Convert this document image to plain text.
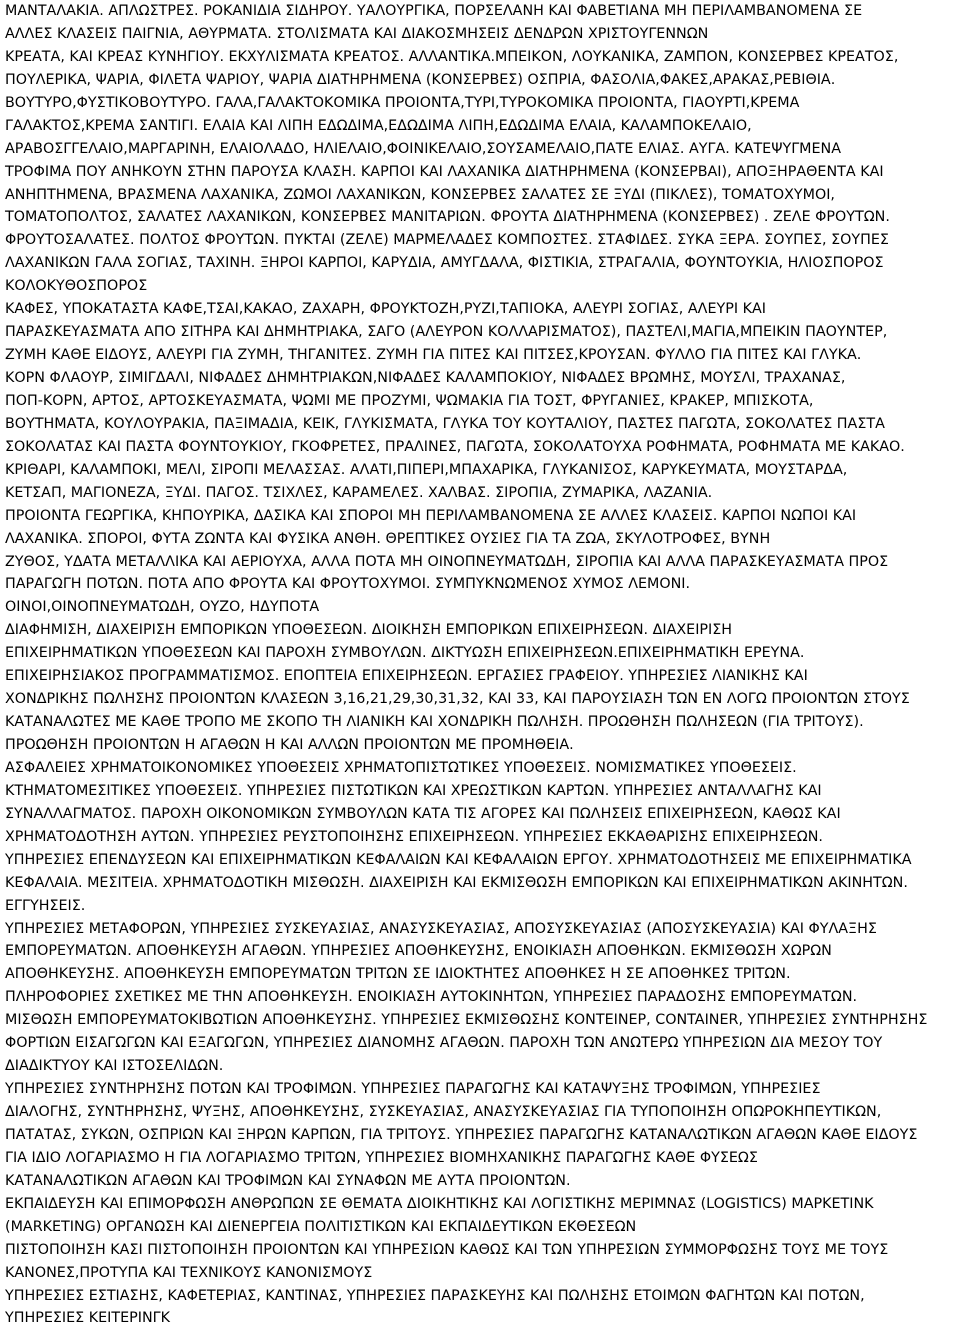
ΜΑΝΤΑΛΑΚΙΑ. ΑΠΛΩΣΤΡΕΣ. ΡΟΚΑΝΙΔΙΑ ΣΙΔΗΡΟΥ. ΥΑΛΟΥΡΓΙΚΑ, ΠΟΡΣΕΛΑΝΗ ΚΑΙ ΦΑΒΕΤΙΑΝΑ ΜΗ ΠΕΡΙΛΑΜΒΑΝΟΜΕΝΑ ΣΕ
ΑΛΛΕΣ ΚΛΑΣΕΙΣ ΠΑΙΓΝΙΑ, ΑΘΥΡΜΑΤΑ. ΣΤΟΛΙΣΜΑΤΑ ΚΑΙ ΔΙΑΚΟΣΜΗΣΕΙΣ ΔΕΝΔΡΩΝ ΧΡΙΣΤΟΥΓΕΝΝΩΝ
ΚΡΕΑΤΑ, ΚΑΙ ΚΡΕΑΣ ΚΥΝΗΓΙΟΥ. ΕΚΧΥΛΙΣΜΑΤΑ ΚΡΕΑΤΟΣ. ΑΛΛΑΝΤΙΚΑ.ΜΠΕΙΚΟΝ, ΛΟΥΚΑΝΙΚΑ, ΖΑΜΠΟΝ, ΚΟΝΣΕΡΒΕΣ ΚΡΕΑΤΟΣ,
ΠΟΥΛΕΡΙΚΑ, ΨΑΡΙΑ, ΦΙΛΕΤΑ ΨΑΡΙΟΥ, ΨΑΡΙΑ ΔΙΑΤΗΡΗΜΕΝΑ (ΚΟΝΣΕΡΒΕΣ) ΟΣΠΡΙΑ, ΦΑΣΟΛΙΑ,ΦΑΚΕΣ,ΑΡΑΚΑΣ,ΡΕΒΙΘΙΑ.
ΒΟΥΤΥΡΟ,ΦΥΣΤΙΚΟΒΟΥΤΥΡΟ. ΓΑΛΑ,ΓΑΛΑΚΤΟΚΟΜΙΚΑ ΠΡΟΙΟΝΤΑ,ΤΥΡΙ,ΤΥΡΟΚΟΜΙΚΑ ΠΡΟΙΟΝΤΑ, ΓΙΑΟΥΡΤΙ,ΚΡΕΜΑ
ΓΑΛΑΚΤΟΣ,ΚΡΕΜΑ ΣΑΝΤΙΓΙ. ΕΛΑΙΑ ΚΑΙ ΛΙΠΗ ΕΔΩΔΙΜΑ,ΕΔΩΔΙΜΑ ΛΙΠΗ,ΕΔΩΔΙΜΑ ΕΛΑΙΑ, ΚΑΛΑΜΠΟΚΕΛΑΙΟ,
ΑΡΑΒΟΣΓΓΕΛΑΙΟ,ΜΑΡΓΑΡΙΝΗ, ΕΛΑΙΟΛΑΔΟ, ΗΛΙΕΛΑΙΟ,ΦΟΙΝΙΚΕΛΑΙΟ,ΣΟΥΣΑΜΕΛΑΙΟ,ΠΑΤΕ ΕΛΙΑΣ. ΑΥΓΑ. ΚΑΤΕΨΥΓΜΕΝΑ
ΤΡΟΦΙΜΑ ΠΟΥ ΑΝΗΚΟΥΝ ΣΤΗΝ ΠΑΡΟΥΣΑ ΚΛΑΣΗ. ΚΑΡΠΟΙ ΚΑΙ ΛΑΧΑΝΙΚΑ ΔΙΑΤΗΡΗΜΕΝΑ (ΚΟΝΣΕΡΒΑΙ), ΑΠΟΞΗΡΑΘΕΝΤΑ ΚΑΙ
ΑΝΗΠΤΗΜΕΝΑ, ΒΡΑΣΜΕΝΑ ΛΑΧΑΝΙΚΑ, ΖΩΜΟΙ ΛΑΧΑΝΙΚΩΝ, ΚΟΝΣΕΡΒΕΣ ΣΑΛΑΤΕΣ ΣΕ ΞΥΔΙ (ΠΙΚΛΕΣ), ΤΟΜΑΤΟΧΥΜΟΙ,
ΤΟΜΑΤΟΠΟΛΤΟΣ, ΣΑΛΑΤΕΣ ΛΑΧΑΝΙΚΩΝ, ΚΟΝΣΕΡΒΕΣ ΜΑΝΙΤΑΡΙΩΝ. ΦΡΟΥΤΑ ΔΙΑΤΗΡΗΜΕΝΑ (ΚΟΝΣΕΡΒΕΣ) . ΖΕΛΕ ΦΡΟΥΤΩΝ.
ΦΡΟΥΤΟΣΑΛΑΤΕΣ. ΠΟΛΤΟΣ ΦΡΟΥΤΩΝ. ΠΥΚΤΑΙ (ΖΕΛΕ) ΜΑΡΜΕΛΑΔΕΣ ΚΟΜΠΟΣΤΕΣ. ΣΤΑΦΙΔΕΣ. ΣΥΚΑ ΞΕΡΑ. ΣΟΥΠΕΣ, ΣΟΥΠΕΣ
ΛΑΧΑΝΙΚΩΝ ΓΑΛΑ ΣΟΓΙΑΣ, ΤΑΧΙΝΗ. ΞΗΡΟΙ ΚΑΡΠΟΙ, ΚΑΡΥΔΙΑ, ΑΜΥΓΔΑΛΑ, ΦΙΣΤΙΚΙΑ, ΣΤΡΑΓΑΛΙΑ, ΦΟΥΝΤΟΥΚΙΑ, ΗΛΙΟΣΠΟΡΟΣ
ΚΟΛΟΚΥΘΟΣΠΟΡΟΣ
ΚΑΦΕΣ, ΥΠΟΚΑΤΑΣΤΑ ΚΑΦΕ,ΤΣΑΙ,ΚΑΚΑΟ, ΖΑΧΑΡΗ, ΦΡΟΥΚΤΟΖΗ,ΡΥΖΙ,ΤΑΠΙΟΚΑ, ΑΛΕΥΡΙ ΣΟΓΙΑΣ, ΑΛΕΥΡΙ ΚΑΙ
ΠΑΡΑΣΚΕΥΑΣΜΑΤΑ ΑΠΟ ΣΙΤΗΡΑ ΚΑΙ ΔΗΜΗΤΡΙΑΚΑ, ΣΑΓΟ (ΑΛΕΥΡΟΝ ΚΟΛΛΑΡΙΣΜΑΤΟΣ), ΠΑΣΤΕΛΙ,ΜΑΓΙΑ,ΜΠΕΙΚΙΝ ΠΑΟΥΝΤΕΡ,
ΖΥΜΗ ΚΑΘΕ ΕΙΔΟΥΣ, ΑΛΕΥΡΙ ΓΙΑ ΖΥΜΗ, ΤΗΓΑΝΙΤΕΣ. ΖΥΜΗ ΓΙΑ ΠΙΤΕΣ ΚΑΙ ΠΙΤΣΕΣ,ΚΡΟΥΣΑΝ. ΦΥΛΛΟ ΓΙΑ ΠΙΤΕΣ ΚΑΙ ΓΛΥΚΑ.
ΚΟΡΝ ΦΛΑΟΥΡ, ΣΙΜΙΓΔΑΛΙ, ΝΙΦΑΔΕΣ ΔΗΜΗΤΡΙΑΚΩΝ,ΝΙΦΑΔΕΣ ΚΑΛΑΜΠΟΚΙΟΥ, ΝΙΦΑΔΕΣ ΒΡΩΜΗΣ, ΜΟΥΣΛΙ, ΤΡΑΧΑΝΑΣ,
ΠΟΠ-ΚΟΡΝ, ΑΡΤΟΣ, ΑΡΤΟΣΚΕΥΑΣΜΑΤΑ, ΨΩΜΙ ΜΕ ΠΡΟΖΥΜΙ, ΨΩΜΑΚΙΑ ΓΙΑ ΤΟΣΤ, ΦΡΥΓΑΝΙΕΣ, ΚΡΑΚΕΡ, ΜΠΙΣΚΟΤΑ,
ΒΟΥΤΗΜΑΤΑ, ΚΟΥΛΟΥΡΑΚΙΑ, ΠΑΞΙΜΑΔΙΑ, ΚΕΙΚ, ΓΛΥΚΙΣΜΑΤΑ, ΓΛΥΚΑ ΤΟΥ ΚΟΥΤΑΛΙΟΥ, ΠΑΣΤΕΣ ΠΑΓΩΤΑ, ΣΟΚΟΛΑΤΕΣ ΠΑΣΤΑ
ΣΟΚΟΛΑΤΑΣ ΚΑΙ ΠΑΣΤΑ ΦΟΥΝΤΟΥΚΙΟΥ, ΓΚΟΦΡΕΤΕΣ, ΠΡΑΛΙΝΕΣ, ΠΑΓΩΤΑ, ΣΟΚΟΛΑΤΟΥΧΑ ΡΟΦΗΜΑΤΑ, ΡΟΦΗΜΑΤΑ ΜΕ ΚΑΚΑΟ.
ΚΡΙΘΑΡΙ, ΚΑΛΑΜΠΟΚΙ, ΜΕΛΙ, ΣΙΡΟΠΙ ΜΕΛΑΣΣΑΣ. ΑΛΑΤΙ,ΠΙΠΕΡΙ,ΜΠΑΧΑΡΙΚΑ, ΓΛΥΚΑΝΙΣΟΣ, ΚΑΡΥΚΕΥΜΑΤΑ, ΜΟΥΣΤΑΡΔΑ,
ΚΕΤΣΑΠ, ΜΑΓΙΟΝΕΖΑ, ΞΥΔΙ. ΠΑΓΟΣ. ΤΣΙΧΛΕΣ, ΚΑΡΑΜΕΛΕΣ. ΧΑΛΒΑΣ. ΣΙΡΟΠΙΑ, ΖΥΜΑΡΙΚΑ, ΛΑΖΑΝΙΑ.
ΠΡΟΙΟΝΤΑ ΓΕΩΡΓΙΚΑ, ΚΗΠΟΥΡΙΚΑ, ΔΑΣΙΚΑ ΚΑΙ ΣΠΟΡΟΙ ΜΗ ΠΕΡΙΛΑΜΒΑΝΟΜΕΝΑ ΣΕ ΑΛΛΕΣ ΚΛΑΣΕΙΣ. ΚΑΡΠΟΙ ΝΩΠΟΙ ΚΑΙ
ΛΑΧΑΝΙΚΑ. ΣΠΟΡΟΙ, ΦΥΤΑ ΖΩΝΤΑ ΚΑΙ ΦΥΣΙΚΑ ΑΝΘΗ. ΘΡΕΠΤΙΚΕΣ ΟΥΣΙΕΣ ΓΙΑ ΤΑ ΖΩΑ, ΣΚΥΛΟΤΡΟΦΕΣ, ΒΥΝΗ
ΖΥΘΟΣ, ΥΔΑΤΑ ΜΕΤΑΛΛΙΚΑ ΚΑΙ ΑΕΡΙΟΥΧΑ, ΑΛΛΑ ΠΟΤΑ ΜΗ ΟΙΝΟΠΝΕΥΜΑΤΩΔΗ, ΣΙΡΟΠΙΑ ΚΑΙ ΑΛΛΑ ΠΑΡΑΣΚΕΥΑΣΜΑΤΑ ΠΡΟΣ
ΠΑΡΑΓΩΓΗ ΠΟΤΩΝ. ΠΟΤΑ ΑΠΟ ΦΡΟΥΤΑ ΚΑΙ ΦΡΟΥΤΟΧΥΜΟΙ. ΣΥΜΠΥΚΝΩΜΕΝΟΣ ΧΥΜΟΣ ΛΕΜΟΝΙ.
ΟΙΝΟΙ,ΟΙΝΟΠΝΕΥΜΑΤΩΔΗ, ΟΥΖΟ, ΗΔΥΠΟΤΑ
ΔΙΑΦΗΜΙΣΗ, ΔΙΑΧΕΙΡΙΣΗ ΕΜΠΟΡΙΚΩΝ ΥΠΟΘΕΣΕΩΝ. ΔΙΟΙΚΗΣΗ ΕΜΠΟΡΙΚΩΝ ΕΠΙΧΕΙΡΗΣΕΩΝ. ΔΙΑΧΕΙΡΙΣΗ
ΕΠΙΧΕΙΡΗΜΑΤΙΚΩΝ ΥΠΟΘΕΣΕΩΝ ΚΑΙ ΠΑΡΟΧΗ ΣΥΜΒΟΥΛΩΝ. ΔΙΚΤΥΩΣΗ ΕΠΙΧΕΙΡΗΣΕΩΝ.ΕΠΙΧΕΙΡΗΜΑΤΙΚΗ ΕΡΕΥΝΑ.
ΕΠΙΧΕΙΡΗΣΙΑΚΟΣ ΠΡΟΓΡΑΜΜΑΤΙΣΜΟΣ. ΕΠΟΠΤΕΙΑ ΕΠΙΧΕΙΡΗΣΕΩΝ. ΕΡΓΑΣΙΕΣ ΓΡΑΦΕΙΟΥ. ΥΠΗΡΕΣΙΕΣ ΛΙΑΝΙΚΗΣ ΚΑΙ
ΧΟΝΔΡΙΚΗΣ ΠΩΛΗΣΗΣ ΠΡΟΙΟΝΤΩΝ ΚΛΑΣΕΩΝ 3,16,21,29,30,31,32, ΚΑΙ 33, ΚΑΙ ΠΑΡΟΥΣΙΑΣΗ ΤΩΝ ΕΝ ΛΟΓΩ ΠΡΟΙΟΝΤΩΝ ΣΤΟΥΣ
ΚΑΤΑΝΑΛΩΤΕΣ ΜΕ ΚΑΘΕ ΤΡΟΠΟ ΜΕ ΣΚΟΠΟ ΤΗ ΛΙΑΝΙΚΗ ΚΑΙ ΧΟΝΔΡΙΚΗ ΠΩΛΗΣΗ. ΠΡΟΩΘΗΣΗ ΠΩΛΗΣΕΩΝ (ΓΙΑ ΤΡΙΤΟΥΣ).
ΠΡΟΩΘΗΣΗ ΠΡΟΙΟΝΤΩΝ Η ΑΓΑΘΩΝ Η ΚΑΙ ΑΛΛΩΝ ΠΡΟΙΟΝΤΩΝ ΜΕ ΠΡΟΜΗΘΕΙΑ.
ΑΣΦΑΛΕΙΕΣ ΧΡΗΜΑΤΟΙΚΟΝΟΜΙΚΕΣ ΥΠΟΘΕΣΕΙΣ ΧΡΗΜΑΤΟΠΙΣΤΩΤΙΚΕΣ ΥΠΟΘΕΣΕΙΣ. ΝΟΜΙΣΜΑΤΙΚΕΣ ΥΠΟΘΕΣΕΙΣ.
ΚΤΗΜΑΤΟΜΕΣΙΤΙΚΕΣ ΥΠΟΘΕΣΕΙΣ. ΥΠΗΡΕΣΙΕΣ ΠΙΣΤΩΤΙΚΩΝ ΚΑΙ ΧΡΕΩΣΤΙΚΩΝ ΚΑΡΤΩΝ. ΥΠΗΡΕΣΙΕΣ ΑΝΤΑΛΛΑΓΗΣ ΚΑΙ
ΣΥΝΑΛΛΑΓΜΑΤΟΣ. ΠΑΡΟΧΗ ΟΙΚΟΝΟΜΙΚΩΝ ΣΥΜΒΟΥΛΩΝ ΚΑΤΑ ΤΙΣ ΑΓΟΡΕΣ ΚΑΙ ΠΩΛΗΣΕΙΣ ΕΠΙΧΕΙΡΗΣΕΩΝ, ΚΑΘΩΣ ΚΑΙ
ΧΡΗΜΑΤΟΔΟΤΗΣΗ ΑΥΤΩΝ. ΥΠΗΡΕΣΙΕΣ ΡΕΥΣΤΟΠΟΙΗΣΗΣ ΕΠΙΧΕΙΡΗΣΕΩΝ. ΥΠΗΡΕΣΙΕΣ ΕΚΚΑΘΑΡΙΣΗΣ ΕΠΙΧΕΙΡΗΣΕΩΝ.
ΥΠΗΡΕΣΙΕΣ ΕΠΕΝΔΥΣΕΩΝ ΚΑΙ ΕΠΙΧΕΙΡΗΜΑΤΙΚΩΝ ΚΕΦΑΛΑΙΩΝ ΚΑΙ ΚΕΦΑΛΑΙΩΝ ΕΡΓΟΥ. ΧΡΗΜΑΤΟΔΟΤΗΣΕΙΣ ΜΕ ΕΠΙΧΕΙΡΗΜΑΤΙΚΑ
ΚΕΦΑΛΑΙΑ. ΜΕΣΙΤΕΙΑ. ΧΡΗΜΑΤΟΔΟΤΙΚΗ ΜΙΣΘΩΣΗ. ΔΙΑΧΕΙΡΙΣΗ ΚΑΙ ΕΚΜΙΣΘΩΣΗ ΕΜΠΟΡΙΚΩΝ ΚΑΙ ΕΠΙΧΕΙΡΗΜΑΤΙΚΩΝ ΑΚΙΝΗΤΩΝ.
ΕΓΓΥΗΣΕΙΣ.
ΥΠΗΡΕΣΙΕΣ ΜΕΤΑΦΟΡΩΝ, ΥΠΗΡΕΣΙΕΣ ΣΥΣΚΕΥΑΣΙΑΣ, ΑΝΑΣΥΣΚΕΥΑΣΙΑΣ, ΑΠΟΣΥΣΚΕΥΑΣΙΑΣ (ΑΠΟΣΥΣΚΕΥΑΣΙΑ) ΚΑΙ ΦΥΛΑΞΗΣ
ΕΜΠΟΡΕΥΜΑΤΩΝ. ΑΠΟΘΗΚΕΥΣΗ ΑΓΑΘΩΝ. ΥΠΗΡΕΣΙΕΣ ΑΠΟΘΗΚΕΥΣΗΣ, ΕΝΟΙΚΙΑΣΗ ΑΠΟΘΗΚΩΝ. ΕΚΜΙΣΘΩΣΗ ΧΩΡΩΝ
ΑΠΟΘΗΚΕΥΣΗΣ. ΑΠΟΘΗΚΕΥΣΗ ΕΜΠΟΡΕΥΜΑΤΩΝ ΤΡΙΤΩΝ ΣΕ ΙΔΙΟΚΤΗΤΕΣ ΑΠΟΘΗΚΕΣ Η ΣΕ ΑΠΟΘΗΚΕΣ ΤΡΙΤΩΝ.
ΠΛΗΡΟΦΟΡΙΕΣ ΣΧΕΤΙΚΕΣ ΜΕ ΤΗΝ ΑΠΟΘΗΚΕΥΣΗ. ΕΝΟΙΚΙΑΣΗ ΑΥΤΟΚΙΝΗΤΩΝ, ΥΠΗΡΕΣΙΕΣ ΠΑΡΑΔΟΣΗΣ ΕΜΠΟΡΕΥΜΑΤΩΝ.
ΜΙΣΘΩΣΗ ΕΜΠΟΡΕΥΜΑΤΟΚΙΒΩΤΙΩΝ ΑΠΟΘΗΚΕΥΣΗΣ. ΥΠΗΡΕΣΙΕΣ ΕΚΜΙΣΘΩΣΗΣ ΚΟΝΤΕΙΝΕΡ, CONTAINER, ΥΠΗΡΕΣΙΕΣ ΣΥΝΤΗΡΗΣΗΣ
ΦΟΡΤΙΩΝ ΕΙΣΑΓΩΓΩΝ ΚΑΙ ΕΞΑΓΩΓΩΝ, ΥΠΗΡΕΣΙΕΣ ΔΙΑΝΟΜΗΣ ΑΓΑΘΩΝ. ΠΑΡΟΧΗ ΤΩΝ ΑΝΩΤΕΡΩ ΥΠΗΡΕΣΙΩΝ ΔΙΑ ΜΕΣΟΥ ΤΟΥ
ΔΙΑΔΙΚΤΥΟΥ ΚΑΙ ΙΣΤΟΣΕΛΙΔΩΝ.
ΥΠΗΡΕΣΙΕΣ ΣΥΝΤΗΡΗΣΗΣ ΠΟΤΩΝ ΚΑΙ ΤΡΟΦΙΜΩΝ. ΥΠΗΡΕΣΙΕΣ ΠΑΡΑΓΩΓΗΣ ΚΑΙ ΚΑΤΑΨΥΞΗΣ ΤΡΟΦΙΜΩΝ, ΥΠΗΡΕΣΙΕΣ
ΔΙΑΛΟΓΗΣ, ΣΥΝΤΗΡΗΣΗΣ, ΨΥΞΗΣ, ΑΠΟΘΗΚΕΥΣΗΣ, ΣΥΣΚΕΥΑΣΙΑΣ, ΑΝΑΣΥΣΚΕΥΑΣΙΑΣ ΓΙΑ ΤΥΠΟΠΟΙΗΣΗ ΟΠΩΡΟΚΗΠΕΥΤΙΚΩΝ,
ΠΑΤΑΤΑΣ, ΣΥΚΩΝ, ΟΣΠΡΙΩΝ ΚΑΙ ΞΗΡΩΝ ΚΑΡΠΩΝ, ΓΙΑ ΤΡΙΤΟΥΣ. ΥΠΗΡΕΣΙΕΣ ΠΑΡΑΓΩΓΗΣ ΚΑΤΑΝΑΛΩΤΙΚΩΝ ΑΓΑΘΩΝ ΚΑΘΕ ΕΙΔΟΥΣ
ΓΙΑ ΙΔΙΟ ΛΟΓΑΡΙΑΣΜΟ Η ΓΙΑ ΛΟΓΑΡΙΑΣΜΟ ΤΡΙΤΩΝ, ΥΠΗΡΕΣΙΕΣ ΒΙΟΜΗΧΑΝΙΚΗΣ ΠΑΡΑΓΩΓΗΣ ΚΑΘΕ ΦΥΣΕΩΣ
ΚΑΤΑΝΑΛΩΤΙΚΩΝ ΑΓΑΘΩΝ ΚΑΙ ΤΡΟΦΙΜΩΝ ΚΑΙ ΣΥΝΑΦΩΝ ΜΕ ΑΥΤΑ ΠΡΟΙΟΝΤΩΝ.
ΕΚΠΑΙΔΕΥΣΗ ΚΑΙ ΕΠΙΜΟΡΦΩΣΗ ΑΝΘΡΩΠΩΝ ΣΕ ΘΕΜΑΤΑ ΔΙΟΙΚΗΤΙΚΗΣ ΚΑΙ ΛΟΓΙΣΤΙΚΗΣ ΜΕΡΙΜΝΑΣ (LOGISTICS) ΜΑΡΚΕΤΙΝΚ
(MARKETING) ΟΡΓΑΝΩΣΗ ΚΑΙ ΔΙΕΝΕΡΓΕΙΑ ΠΟΛΙΤΙΣΤΙΚΩΝ ΚΑΙ ΕΚΠΑΙΔΕΥΤΙΚΩΝ ΕΚΘΕΣΕΩΝ
ΠΙΣΤΟΠΟΙΗΣΗ ΚΑΣΙ ΠΙΣΤΟΠΟΙΗΣΗ ΠΡΟΙΟΝΤΩΝ ΚΑΙ ΥΠΗΡΕΣΙΩΝ ΚΑΘΩΣ ΚΑΙ ΤΩΝ ΥΠΗΡΕΣΙΩΝ ΣΥΜΜΟΡΦΩΣΗΣ ΤΟΥΣ ΜΕ ΤΟΥΣ
ΚΑΝΟΝΕΣ,ΠΡΟΤΥΠΑ ΚΑΙ ΤΕΧΝΙΚΟΥΣ ΚΑΝΟΝΙΣΜΟΥΣ
ΥΠΗΡΕΣΙΕΣ ΕΣΤΙΑΣΗΣ, ΚΑΦΕΤΕΡΙΑΣ, ΚΑΝΤΙΝΑΣ, ΥΠΗΡΕΣΙΕΣ ΠΑΡΑΣΚΕΥΗΣ ΚΑΙ ΠΩΛΗΣΗΣ ΕΤΟΙΜΩΝ ΦΑΓΗΤΩΝ ΚΑΙ ΠΟΤΩΝ,
ΥΠΗΡΕΣΙΕΣ ΚΕΙΤΕΡΙΝΓΚ
